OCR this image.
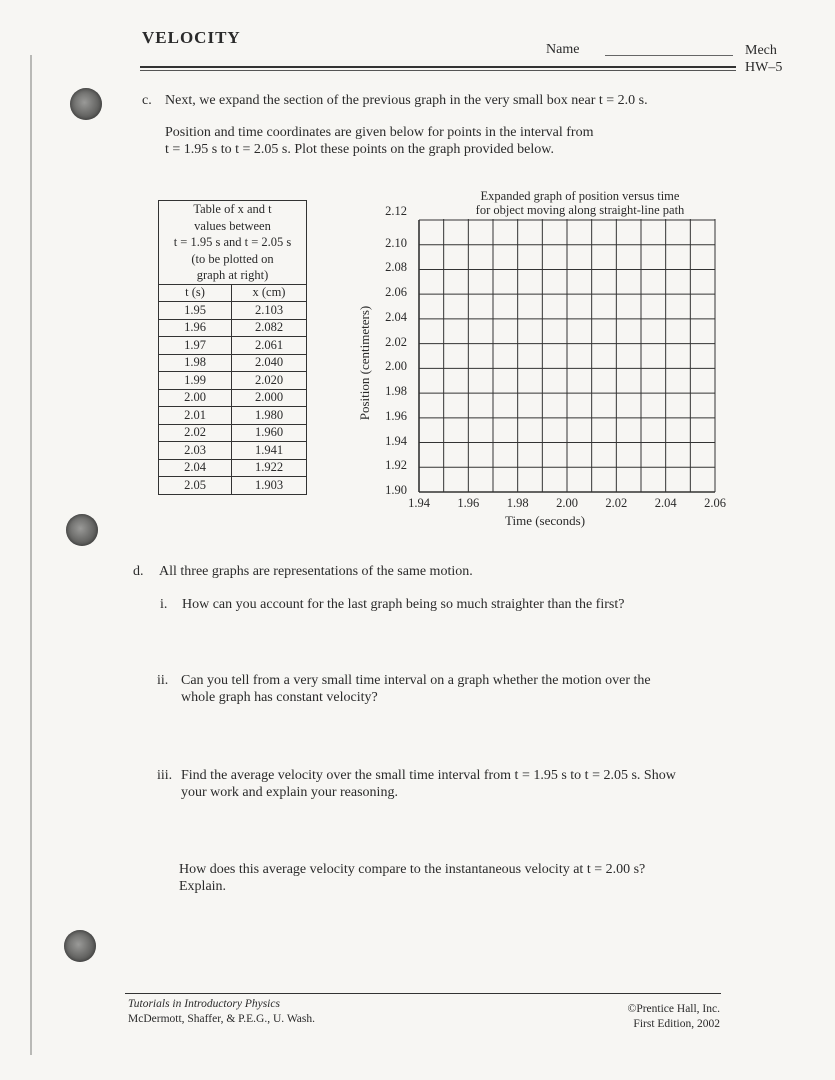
VELOCITY
Name	Mech
HW–5
c. Next, we expand the section of the previous graph in the very small box near t = 2.0 s.
Position and time coordinates are given below for points in the interval from
t = 1.95 s to t = 2.05 s. Plot these points on the graph provided below.
Table of x and t
values between
t = 1.95 s and t = 2.05 s
(to be plotted on
graph at right)	

t (s)	x (cm)
1.95	2.103
1.96	2.082
1.97	2.061
1.98	2.040
1.99	2.020
2.00	2.000
2.01	1.980
2.02	1.960
2.03	1.941
2.04	1.922
2.05	1.903
Expanded graph of position versus time
for object moving along straight-line path
Position (centimeters)
Time (seconds)
2.12
2.10
2.08
2.06
2.04
2.02
2.00
1.98
1.96
1.94
1.92
1.90
1.94	1.96	1.98	2.00	2.02	2.04	2.06
d. All three graphs are representations of the same motion.
i. How can you account for the last graph being so much straighter than the first?
ii. Can you tell from a very small time interval on a graph whether the motion over the
whole graph has constant velocity?
iii. Find the average velocity over the small time interval from t = 1.95 s to t = 2.05 s. Show
your work and explain your reasoning.
How does this average velocity compare to the instantaneous velocity at t = 2.00 s?
Explain.
Tutorials in Introductory Physics
McDermott, Shaffer, & P.E.G., U. Wash.
©Prentice Hall, Inc.
First Edition, 2002
